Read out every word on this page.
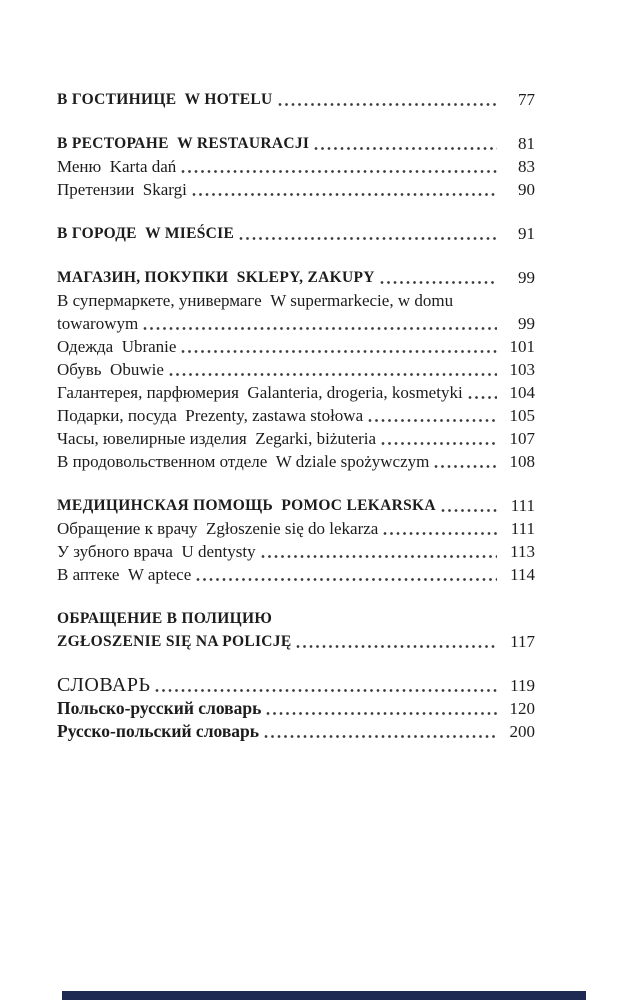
В ГОСТИНИЦЕ  W HOTELU	77
В РЕСТОРАНЕ  W RESTAURACJI	81
Меню  Karta dań	83
Претензии  Skargi	90
В ГОРОДЕ  W MIEŚCIE	91
МАГАЗИН, ПОКУПКИ  SKLEPY, ZAKUPY	99
В супермаркете, универмаге  W supermarkecie, w domu
towarowym	99
Одежда  Ubranie	101
Обувь  Obuwie	103
Галантерея, парфюмерия  Galanteria, drogeria, kosmetyki	104
Подарки, посуда  Prezenty, zastawa stołowa	105
Часы, ювелирные изделия  Zegarki, biżuteria	107
В продовольственном отделе  W dziale spożywczym	108
МЕДИЦИНСКАЯ ПОМОЩЬ  POMOC LEKARSKA	111
Обращение к врачу  Zgłoszenie się do lekarza	111
У зубного врача  U dentysty	113
В аптеке  W aptece	114
ОБРАЩЕНИЕ В ПОЛИЦИЮ
ZGŁOSZENIE SIĘ NA POLICJĘ	117
СЛОВАРЬ	119
Польско-русский словарь	120
Русско-польский словарь	200
